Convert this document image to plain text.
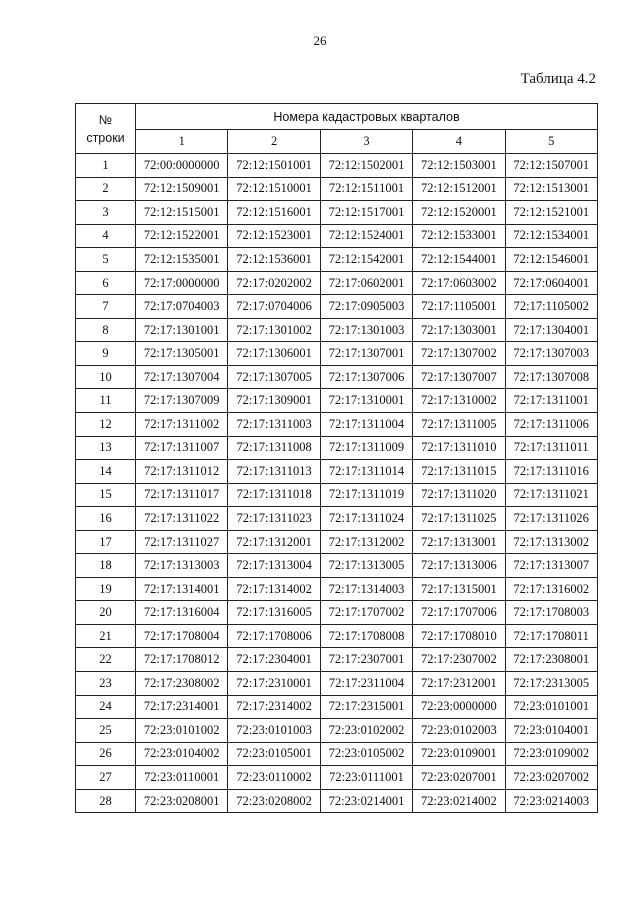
26
Таблица 4.2
№
строки	Номера кадастровых кварталов				
	1	2	3	4	5
1	72:00:0000000	72:12:1501001	72:12:1502001	72:12:1503001	72:12:1507001
2	72:12:1509001	72:12:1510001	72:12:1511001	72:12:1512001	72:12:1513001
3	72:12:1515001	72:12:1516001	72:12:1517001	72:12:1520001	72:12:1521001
4	72:12:1522001	72:12:1523001	72:12:1524001	72:12:1533001	72:12:1534001
5	72:12:1535001	72:12:1536001	72:12:1542001	72:12:1544001	72:12:1546001
6	72:17:0000000	72:17:0202002	72:17:0602001	72:17:0603002	72:17:0604001
7	72:17:0704003	72:17:0704006	72:17:0905003	72:17:1105001	72:17:1105002
8	72:17:1301001	72:17:1301002	72:17:1301003	72:17:1303001	72:17:1304001
9	72:17:1305001	72:17:1306001	72:17:1307001	72:17:1307002	72:17:1307003
10	72:17:1307004	72:17:1307005	72:17:1307006	72:17:1307007	72:17:1307008
11	72:17:1307009	72:17:1309001	72:17:1310001	72:17:1310002	72:17:1311001
12	72:17:1311002	72:17:1311003	72:17:1311004	72:17:1311005	72:17:1311006
13	72:17:1311007	72:17:1311008	72:17:1311009	72:17:1311010	72:17:1311011
14	72:17:1311012	72:17:1311013	72:17:1311014	72:17:1311015	72:17:1311016
15	72:17:1311017	72:17:1311018	72:17:1311019	72:17:1311020	72:17:1311021
16	72:17:1311022	72:17:1311023	72:17:1311024	72:17:1311025	72:17:1311026
17	72:17:1311027	72:17:1312001	72:17:1312002	72:17:1313001	72:17:1313002
18	72:17:1313003	72:17:1313004	72:17:1313005	72:17:1313006	72:17:1313007
19	72:17:1314001	72:17:1314002	72:17:1314003	72:17:1315001	72:17:1316002
20	72:17:1316004	72:17:1316005	72:17:1707002	72:17:1707006	72:17:1708003
21	72:17:1708004	72:17:1708006	72:17:1708008	72:17:1708010	72:17:1708011
22	72:17:1708012	72:17:2304001	72:17:2307001	72:17:2307002	72:17:2308001
23	72:17:2308002	72:17:2310001	72:17:2311004	72:17:2312001	72:17:2313005
24	72:17:2314001	72:17:2314002	72:17:2315001	72:23:0000000	72:23:0101001
25	72:23:0101002	72:23:0101003	72:23:0102002	72:23:0102003	72:23:0104001
26	72:23:0104002	72:23:0105001	72:23:0105002	72:23:0109001	72:23:0109002
27	72:23:0110001	72:23:0110002	72:23:0111001	72:23:0207001	72:23:0207002
28	72:23:0208001	72:23:0208002	72:23:0214001	72:23:0214002	72:23:0214003
